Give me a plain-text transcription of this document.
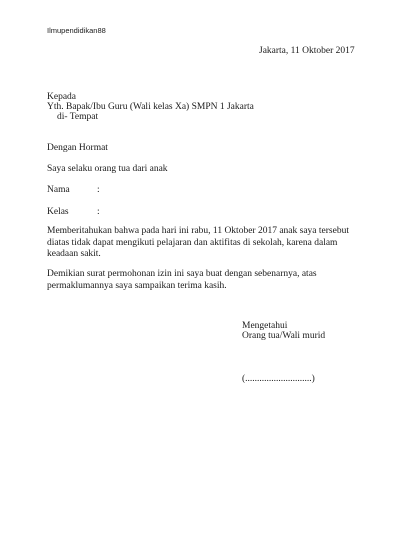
Ilmupendidikan88
Jakarta, 11 Oktober 2017
Kepada
Yth. Bapak/Ibu Guru (Wali kelas Xa) SMPN 1 Jakarta
di- Tempat
Dengan Hormat
Saya selaku orang tua dari anak
Nama	:
Kelas	:
Memberitahukan bahwa pada hari ini rabu, 11 Oktober 2017 anak saya tersebut
diatas tidak dapat mengikuti pelajaran dan aktifitas di sekolah, karena dalam
keadaan sakit.
Demikian surat permohonan izin ini saya buat dengan sebenarnya, atas
permaklumannya saya sampaikan terima kasih.
Mengetahui
Orang tua/Wali murid
(............................)
